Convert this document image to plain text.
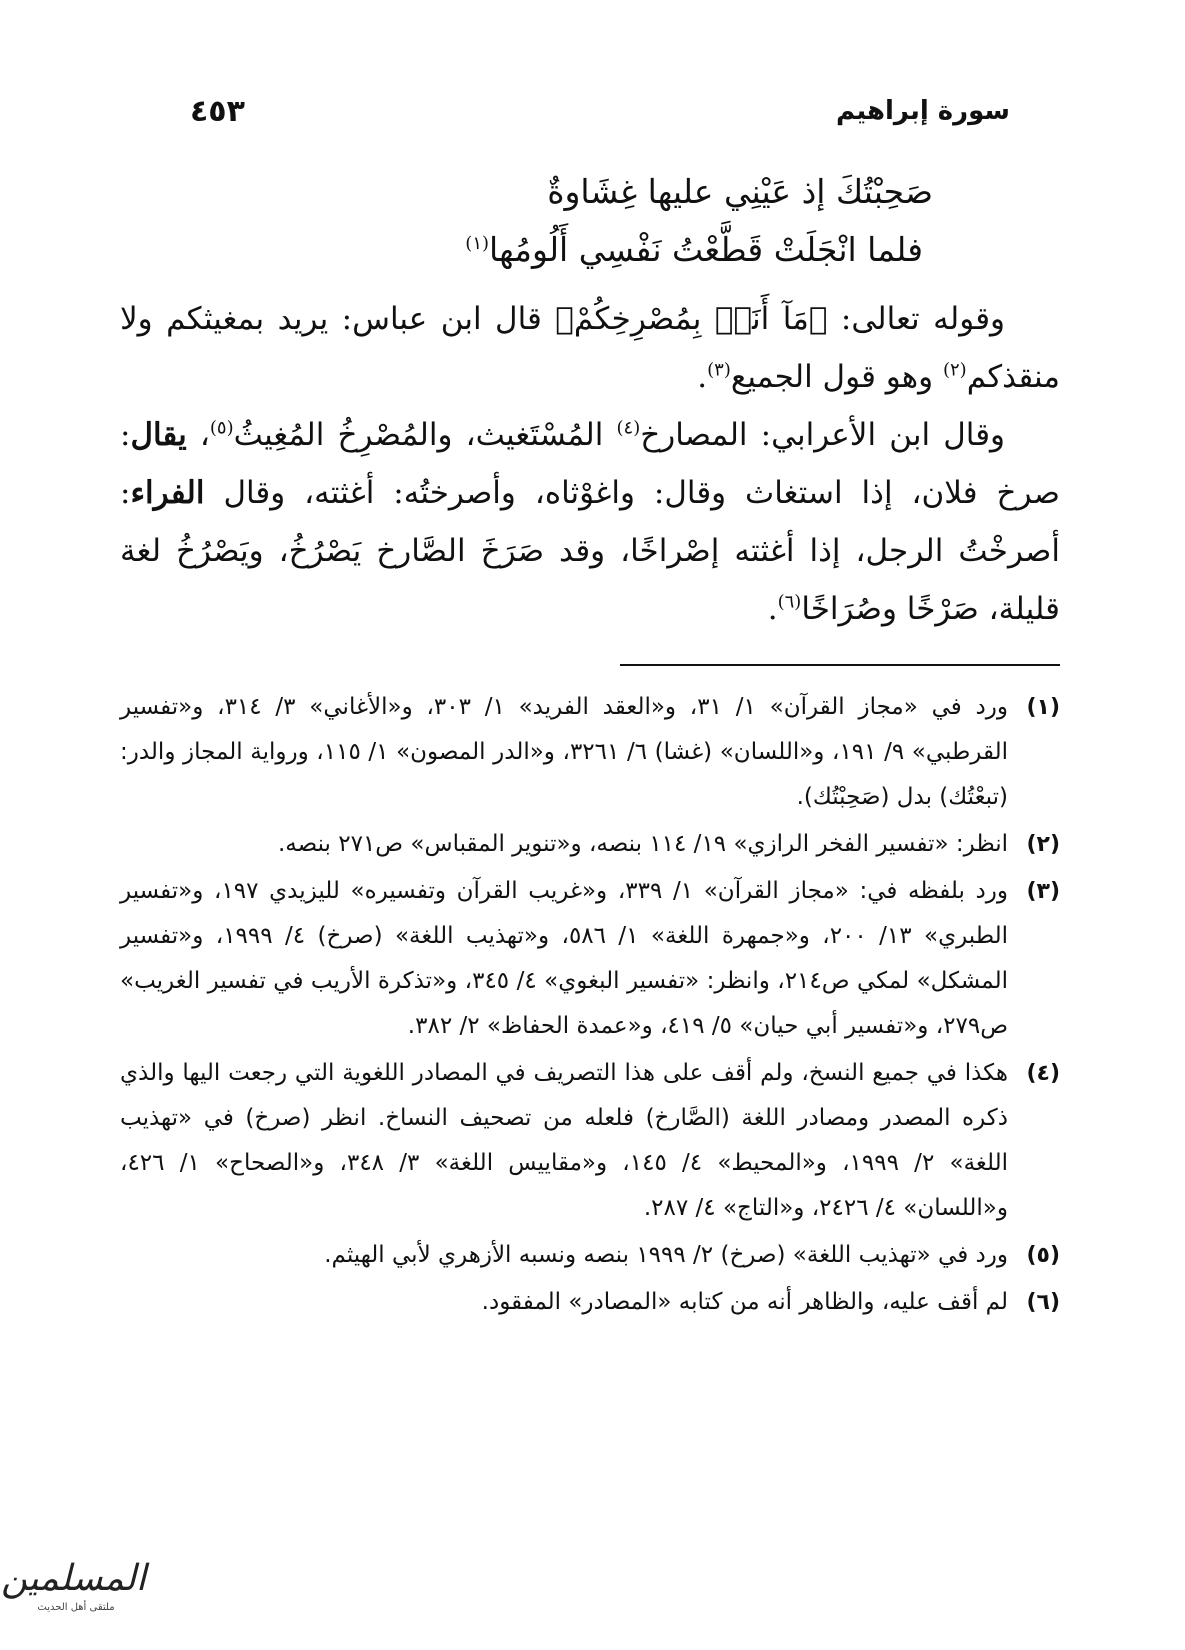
سورة إبراهيم
٤٥٣
صَحِبْتُكَ إذ عَيْنِي عليها غِشَاوةٌ
فلما انْجَلَتْ قَطَّعْتُ نَفْسِي أَلُومُها$^{(١)}$

وقوله تعالى: ﴿مَآ أَنَا۠ بِمُصْرِخِكُمْ﴾ قال ابن عباس: يريد بمغيثكم ولا منقذكم$^{(٢)}$ وهو قول الجميع$^{(٣)}$.

وقال ابن الأعرابي: المصارخ$^{(٤)}$ المُسْتَغيث، والمُصْرِخُ المُغِيثُ$^{(٥)}$، يقال: صرخ فلان، إذا استغاث وقال: واغوْثاه، وأصرختُه: أغثته، وقال الفراء: أصرخْتُ الرجل، إذا أغثته إصْراخًا، وقد صَرَخَ الصَّارخ يَصْرُخُ، ويَصْرُخُ لغة قليلة، صَرْخًا وصُرَاخًا$^{(٦)}$.

(١)
ورد في «مجاز القرآن» ١/ ٣١، و«العقد الفريد» ١/ ٣٠٣، و«الأغاني» ٣/ ٣١٤، و«تفسير القرطبي» ٩/ ١٩١، و«اللسان» (غشا) ٦/ ٣٢٦١، و«الدر المصون» ١/ ١١٥، ورواية المجاز والدر: (تبعْتُك) بدل (صَحِبْتُك).
(٢)
انظر: «تفسير الفخر الرازي» ١٩/ ١١٤ بنصه، و«تنوير المقباس» ص٢٧١ بنصه.
(٣)
ورد بلفظه في: «مجاز القرآن» ١/ ٣٣٩، و«غريب القرآن وتفسيره» لليزيدي ١٩٧، و«تفسير الطبري» ١٣/ ٢٠٠، و«جمهرة اللغة» ١/ ٥٨٦، و«تهذيب اللغة» (صرخ) ٤/ ١٩٩٩، و«تفسير المشكل» لمكي ص٢١٤، وانظر: «تفسير البغوي» ٤/ ٣٤٥، و«تذكرة الأريب في تفسير الغريب» ص٢٧٩، و«تفسير أبي حيان» ٥/ ٤١٩، و«عمدة الحفاظ» ٢/ ٣٨٢.
(٤)
هكذا في جميع النسخ، ولم أقف على هذا التصريف في المصادر اللغوية التي رجعت اليها والذي ذكره المصدر ومصادر اللغة (الصَّارخ) فلعله من تصحيف النساخ. انظر (صرخ) في «تهذيب اللغة» ٢/ ١٩٩٩، و«المحيط» ٤/ ١٤٥، و«مقاييس اللغة» ٣/ ٣٤٨، و«الصحاح» ١/ ٤٢٦، و«اللسان» ٤/ ٢٤٢٦، و«التاج» ٤/ ٢٨٧.
(٥)
ورد في «تهذيب اللغة» (صرخ) ٢/ ١٩٩٩ بنصه ونسبه الأزهري لأبي الهيثم.
(٦)
لم أقف عليه، والظاهر أنه من كتابه «المصادر» المفقود.
المسلمين
ملتقى أهل الحديث
